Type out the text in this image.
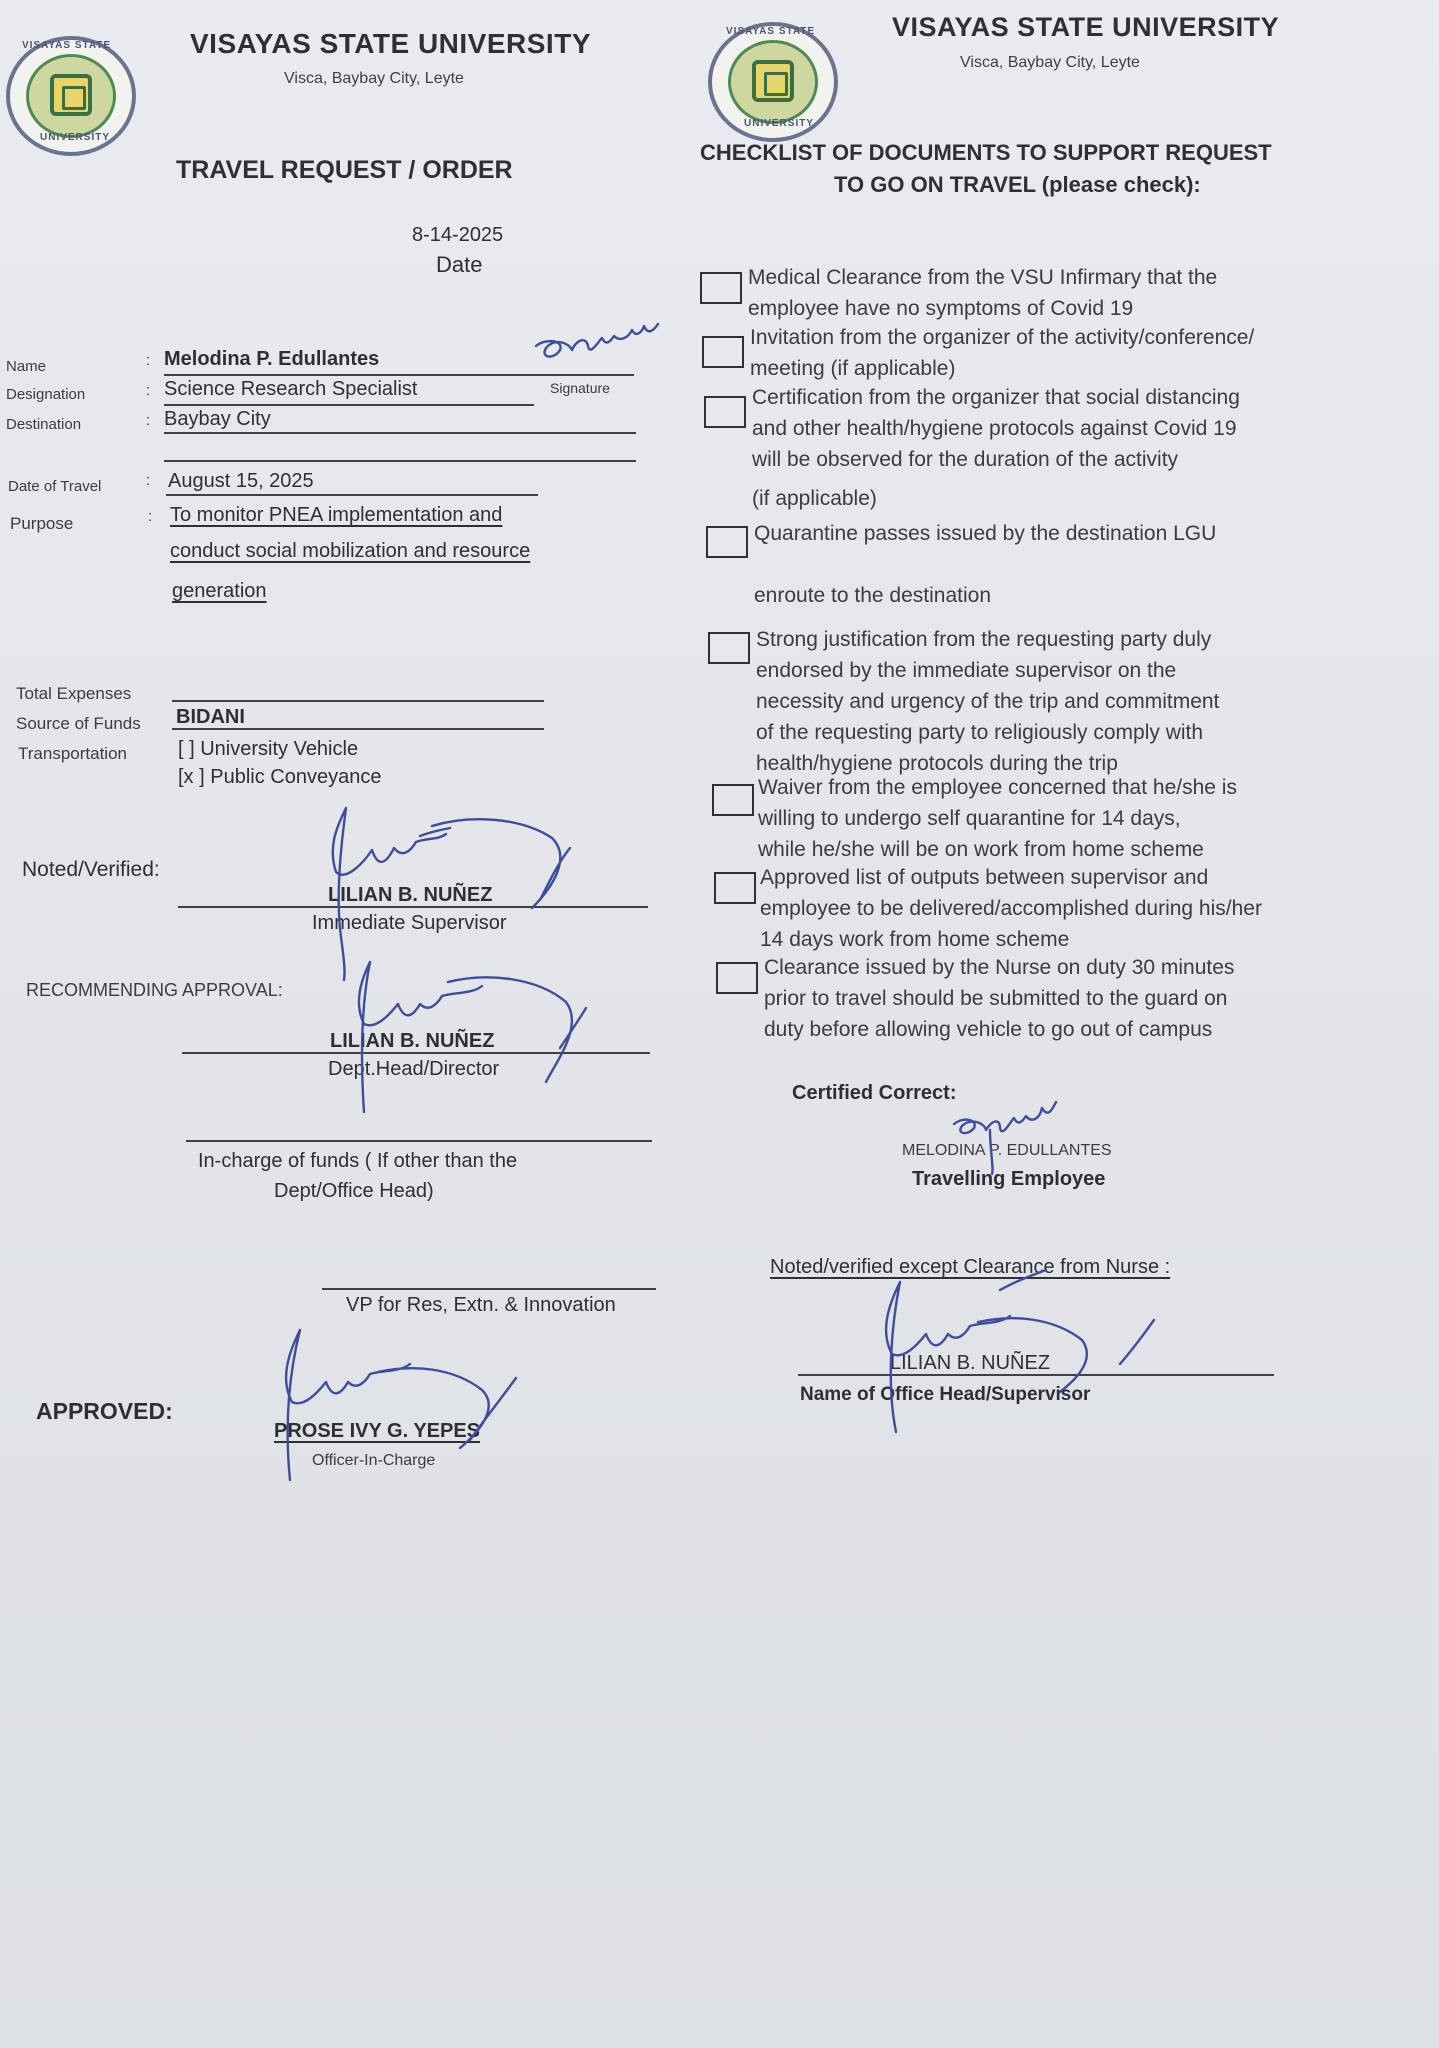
VISAYAS STATE
UNIVERSITY
VISAYAS STATE UNIVERSITY
Visca, Baybay City, Leyte
TRAVEL REQUEST / ORDER
8-14-2025
Date
Name	: Melodina P. Edullantes
Signature
Designation	: Science Research Specialist
Destination	: Baybay City
Date of Travel	: August 15, 2025
Purpose	: To monitor PNEA implementation and
conduct social mobilization and resource
generation
Total Expenses
Source of Funds BIDANI
Transportation	[ ] University Vehicle
[x ] Public Conveyance
Noted/Verified:
LILIAN B. NUÑEZ
Immediate Supervisor
RECOMMENDING APPROVAL:
LILIAN B. NUÑEZ
Dept.Head/Director
In-charge of funds ( If other than the
Dept/Office Head)
VP for Res, Extn. & Innovation
APPROVED:
PROSE IVY G. YEPES
Officer-In-Charge
VISAYAS STATE
UNIVERSITY
VISAYAS STATE UNIVERSITY
Visca, Baybay City, Leyte
CHECKLIST OF DOCUMENTS TO SUPPORT REQUEST
TO GO ON TRAVEL (please check):
Medical Clearance from the VSU Infirmary that the
employee have no symptoms of Covid 19
Invitation from the organizer of the activity/conference/
meeting (if applicable)
Certification from the organizer that social distancing
and other health/hygiene protocols against Covid 19
will be observed for the duration of the activity
(if applicable)
Quarantine passes issued by the destination LGU
enroute to the destination
Strong justification from the requesting party duly
endorsed by the immediate supervisor on the
necessity and urgency of the trip and commitment
of the requesting party to religiously comply with
health/hygiene protocols during the trip
Waiver from the employee concerned that he/she is
willing to undergo self quarantine for 14 days,
while he/she will be on work from home scheme
Approved list of outputs between supervisor and
employee to be delivered/accomplished during his/her
14 days work from home scheme
Clearance issued by the Nurse on duty 30 minutes
prior to travel should be submitted to the guard on
duty before allowing vehicle to go out of campus
Certified Correct:
MELODINA P. EDULLANTES
Travelling Employee
Noted/verified except Clearance from Nurse :
LILIAN B. NUÑEZ
Name of Office Head/Supervisor
